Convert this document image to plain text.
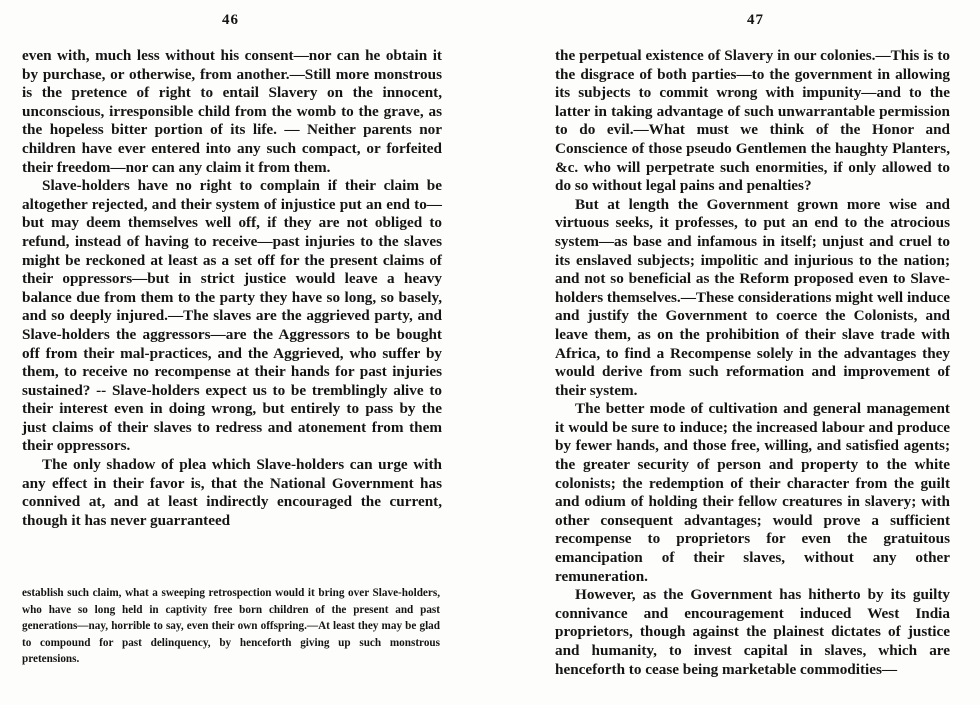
46

even with, much less without his consent—nor can he obtain it by purchase, or otherwise, from another.—Still more monstrous is the pretence of right to entail Slavery on the innocent, unconscious, irresponsible child from the womb to the grave, as the hopeless bitter portion of its life. — Neither parents nor children have ever entered into any such compact, or forfeited their freedom—nor can any claim it from them.

Slave-holders have no right to complain if their claim be altogether rejected, and their system of injustice put an end to—but may deem themselves well off, if they are not obliged to refund, instead of having to receive—past injuries to the slaves might be reckoned at least as a set off for the present claims of their oppressors—but in strict justice would leave a heavy balance due from them to the party they have so long, so basely, and so deeply injured.—The slaves are the aggrieved party, and Slave-holders the aggressors—are the Aggressors to be bought off from their mal-practices, and the Aggrieved, who suffer by them, to receive no recompense at their hands for past injuries sustained? -- Slave-holders expect us to be tremblingly alive to their interest even in doing wrong, but entirely to pass by the just claims of their slaves to redress and atonement from them their oppressors.

The only shadow of plea which Slave-holders can urge with any effect in their favor is, that the National Government has connived at, and at least indirectly encouraged the current, though it has never guarranteed

establish such claim, what a sweeping retrospection would it bring over Slave-holders, who have so long held in captivity free born children of the present and past generations—nay, horrible to say, even their own offspring.—At least they may be glad to compound for past delinquency, by henceforth giving up such monstrous pretensions.

47

the perpetual existence of Slavery in our colonies.—This is to the disgrace of both parties—to the government in allowing its subjects to commit wrong with impunity—and to the latter in taking advantage of such unwarrantable permission to do evil.—What must we think of the Honor and Conscience of those pseudo Gentlemen the haughty Planters, &c. who will perpetrate such enormities, if only allowed to do so without legal pains and penalties?

But at length the Government grown more wise and virtuous seeks, it professes, to put an end to the atrocious system—as base and infamous in itself; unjust and cruel to its enslaved subjects; impolitic and injurious to the nation; and not so beneficial as the Reform proposed even to Slave-holders themselves.—These considerations might well induce and justify the Government to coerce the Colonists, and leave them, as on the prohibition of their slave trade with Africa, to find a Recompense solely in the advantages they would derive from such reformation and improvement of their system.

The better mode of cultivation and general management it would be sure to induce; the increased labour and produce by fewer hands, and those free, willing, and satisfied agents; the greater security of person and property to the white colonists; the redemption of their character from the guilt and odium of holding their fellow creatures in slavery; with other consequent advantages; would prove a sufficient recompense to proprietors for even the gratuitous emancipation of their slaves, without any other remuneration.

However, as the Government has hitherto by its guilty connivance and encouragement induced West India proprietors, though against the plainest dictates of justice and humanity, to invest capital in slaves, which are henceforth to cease being marketable commodities—
